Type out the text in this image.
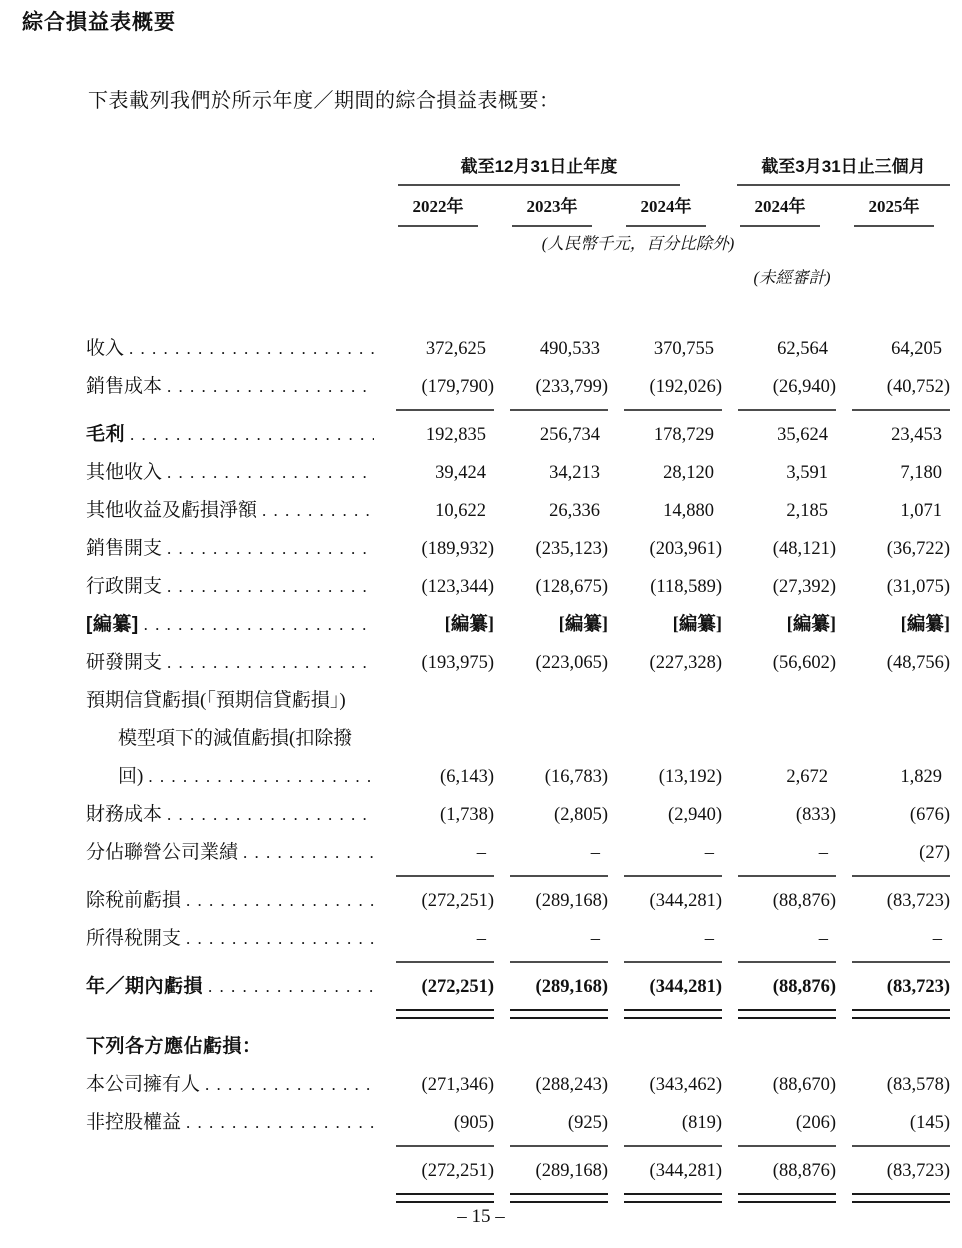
綜合損益表概要

下表載列我們於所示年度／期間的綜合損益表概要：

截至12月31日止年度	截至3月31日止三個月
2022年	2023年	2024年	2024年	2025年
(人民幣千元，百分比除外)
(未經審計)
收入 . . .	372,625	490,533	370,755	62,564	64,205
銷售成本 . . .	(179,790)	(233,799)	(192,026)	(26,940)	(40,752)
毛利 . . .	192,835	256,734	178,729	35,624	23,453
其他收入 . . .	39,424	34,213	28,120	3,591	7,180
其他收益及虧損淨額 . . .	10,622	26,336	14,880	2,185	1,071
銷售開支 . . .	(189,932)	(235,123)	(203,961)	(48,121)	(36,722)
行政開支 . . .	(123,344)	(128,675)	(118,589)	(27,392)	(31,075)
[編纂] . . .	[編纂]	[編纂]	[編纂]	[編纂]	[編纂]
研發開支 . . .	(193,975)	(223,065)	(227,328)	(56,602)	(48,756)
預期信貸虧損(「預期信貸虧損」)
模型項下的減值虧損(扣除撥
回) . . .	(6,143)	(16,783)	(13,192)	2,672	1,829
財務成本 . . .	(1,738)	(2,805)	(2,940)	(833)	(676)
分佔聯營公司業績 . . .	–	–	–	–	(27)
除稅前虧損 . . .	(272,251)	(289,168)	(344,281)	(88,876)	(83,723)
所得稅開支 . . .	–	–	–	–	–
年／期內虧損 . . .	(272,251)	(289,168)	(344,281)	(88,876)	(83,723)
下列各方應佔虧損：
本公司擁有人 . . .	(271,346)	(288,243)	(343,462)	(88,670)	(83,578)
非控股權益 . . .	(905)	(925)	(819)	(206)	(145)
(272,251)	(289,168)	(344,281)	(88,876)	(83,723)
– 15 –
